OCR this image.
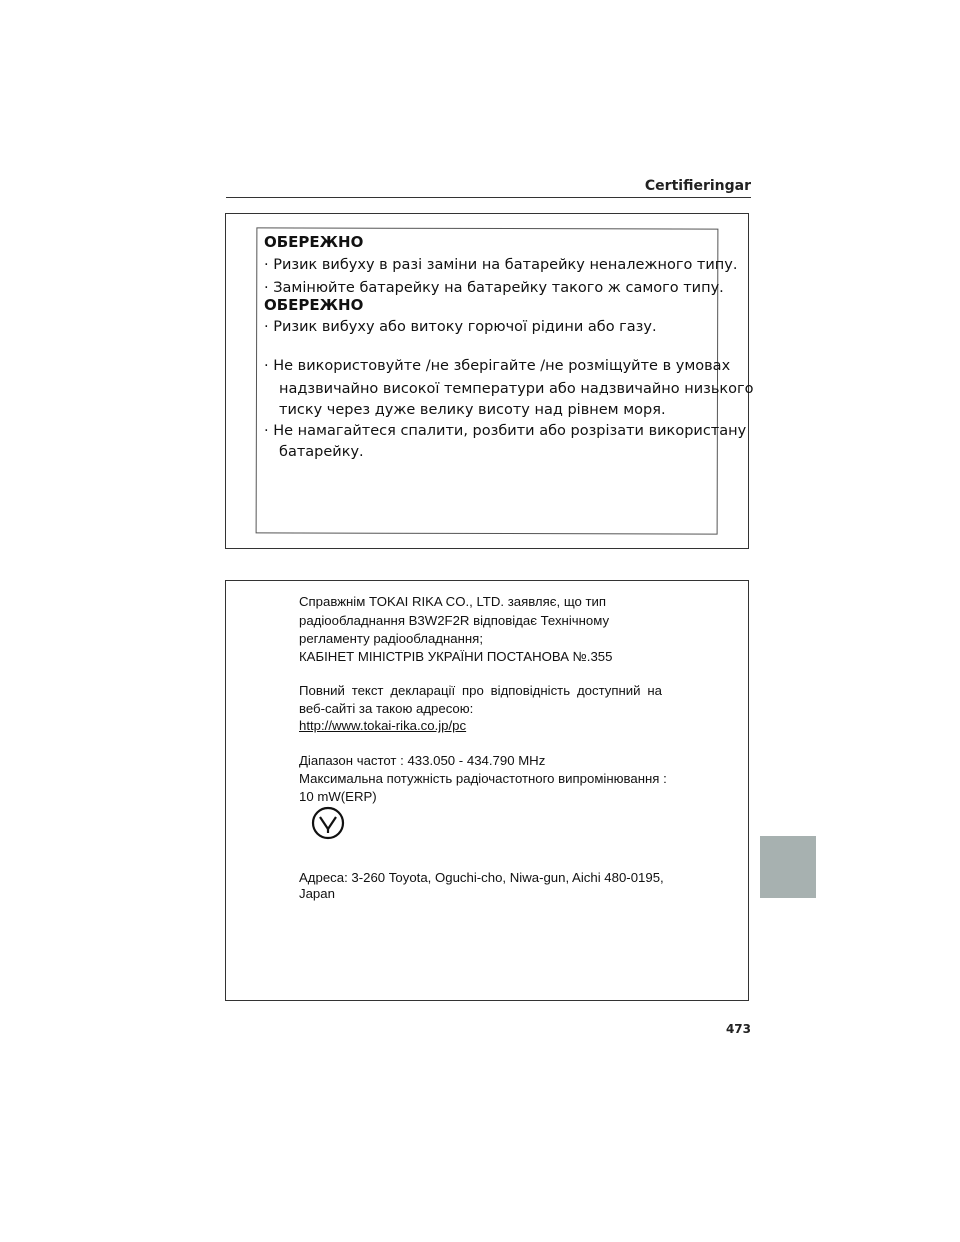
Certifieringar
ОБЕРЕЖНО
· Ризик вибуху в разі заміни на батарейку неналежного типу.
· Замінюйте батарейку на батарейку такого ж самого типу.
ОБЕРЕЖНО
· Ризик вибуху або витоку горючої рідини або газу.
· Не використовуйте /не зберігайте /не розміщуйте в умовах
надзвичайно високої температури або надзвичайно низького
тиску через дуже велику висоту над рівнем моря.
· Не намагайтеся спалити, розбити або розрізати використану
батарейку.
Справжнім TOKAI RIKA CO., LTD. заявляє, що тип
радіообладнання B3W2F2R відповідає Технічному
регламенту радіообладнання;
КАБІНЕТ МІНІСТРІВ УКРАЇНИ ПОСТАНОВА №.355
Повний текст декларації про відповідність доступний на
веб-сайті за такою адресою:
http://www.tokai-rika.co.jp/pc
Діапазон частот : 433.050 - 434.790 MHz
Максимальна потужність радіочастотного випромінювання :
10 mW(ERP)
Адреса: 3-260 Toyota, Oguchi-cho, Niwa-gun, Aichi 480-0195,
Japan
473
